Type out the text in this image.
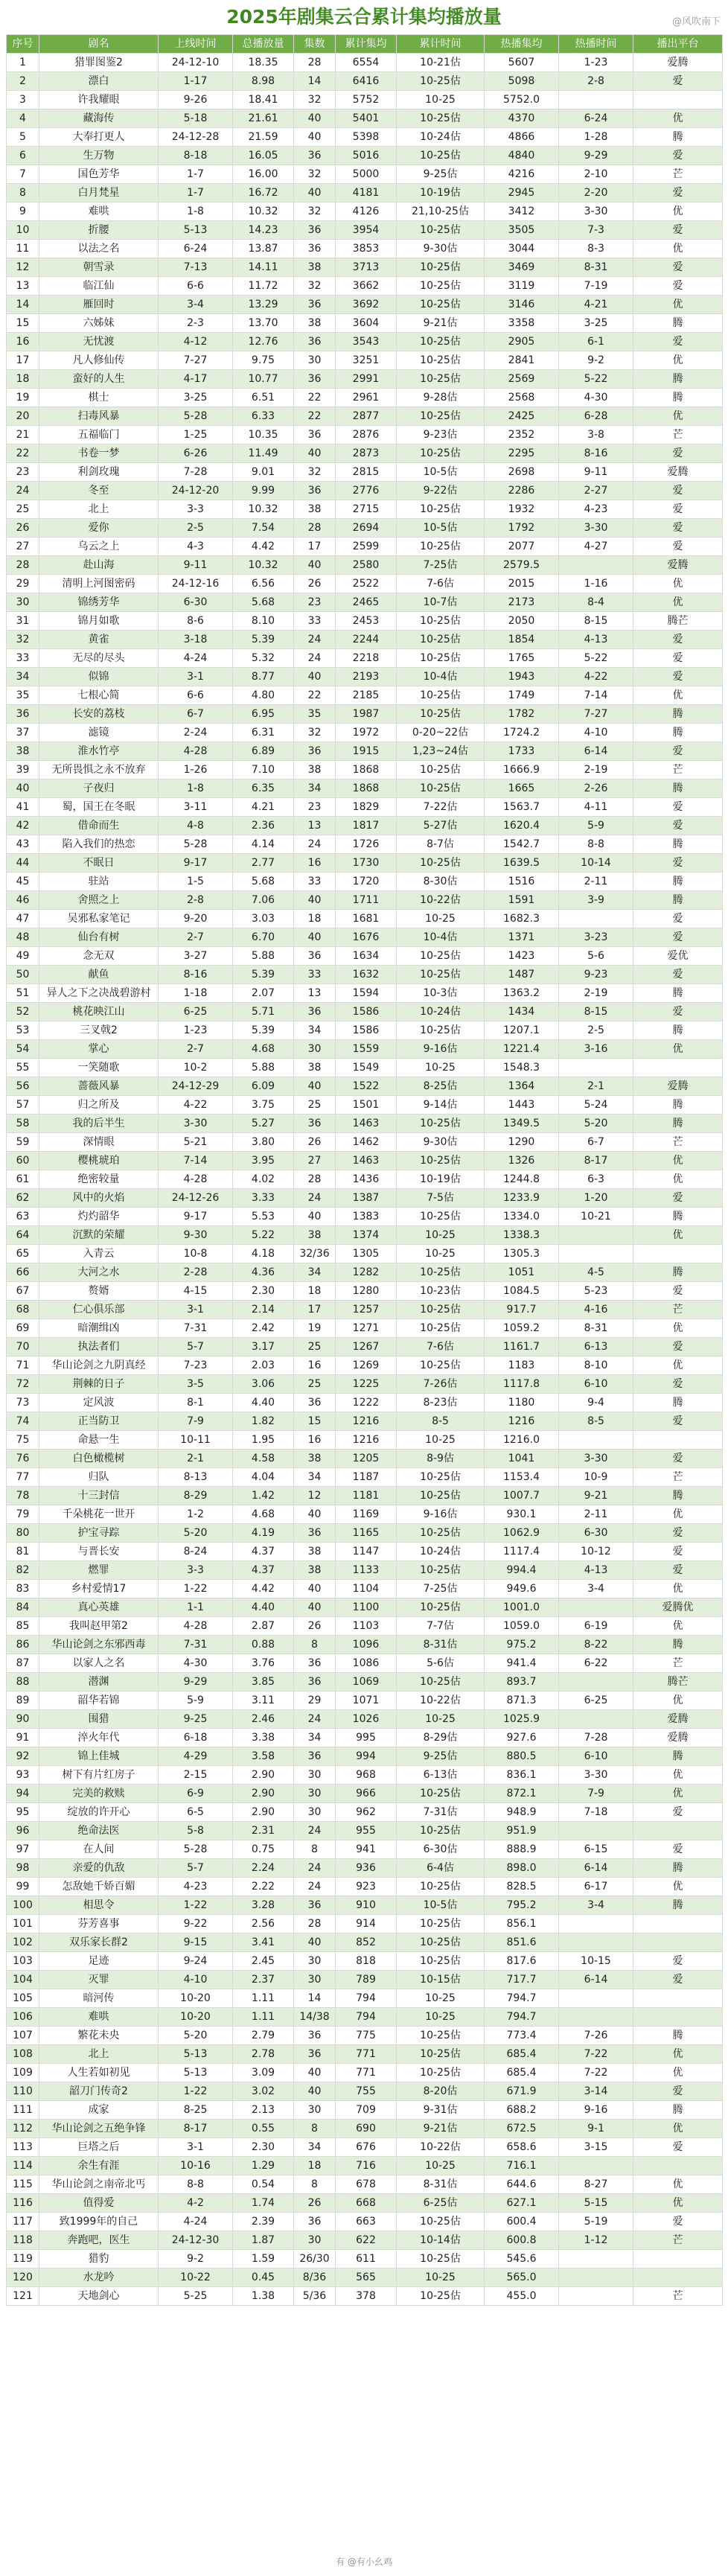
2025年剧集云合累计集均播放量	@风吹南下
序号	剧名	上线时间	总播放量	集数	累计集均	累计时间	热播集均	热播时间	播出平台
1	猎罪图鉴2	24-12-10	18.35	28	6554	10-21估	5607	1-23	爱腾
2	漂白	1-17	8.98	14	6416	10-25估	5098	2-8	爱
3	许我耀眼	9-26	18.41	32	5752	10-25	5752.0		
4	藏海传	5-18	21.61	40	5401	10-25估	4370	6-24	优
5	大奉打更人	24-12-28	21.59	40	5398	10-24估	4866	1-28	腾
6	生万物	8-18	16.05	36	5016	10-25估	4840	9-29	爱
7	国色芳华	1-7	16.00	32	5000	9-25估	4216	2-10	芒
8	白月梵星	1-7	16.72	40	4181	10-19估	2945	2-20	爱
9	难哄	1-8	10.32	32	4126	21,10-25估	3412	3-30	优
10	折腰	5-13	14.23	36	3954	10-25估	3505	7-3	爱
11	以法之名	6-24	13.87	36	3853	9-30估	3044	8-3	优
12	朝雪录	7-13	14.11	38	3713	10-25估	3469	8-31	爱
13	临江仙	6-6	11.72	32	3662	10-25估	3119	7-19	爱
14	雁回时	3-4	13.29	36	3692	10-25估	3146	4-21	优
15	六姊妹	2-3	13.70	38	3604	9-21估	3358	3-25	腾
16	无忧渡	4-12	12.76	36	3543	10-25估	2905	6-1	爱
17	凡人修仙传	7-27	9.75	30	3251	10-25估	2841	9-2	优
18	蛮好的人生	4-17	10.77	36	2991	10-25估	2569	5-22	腾
19	棋士	3-25	6.51	22	2961	9-28估	2568	4-30	腾
20	扫毒风暴	5-28	6.33	22	2877	10-25估	2425	6-28	优
21	五福临门	1-25	10.35	36	2876	9-23估	2352	3-8	芒
22	书卷一梦	6-26	11.49	40	2873	10-25估	2295	8-16	爱
23	利剑玫瑰	7-28	9.01	32	2815	10-5估	2698	9-11	爱腾
24	冬至	24-12-20	9.99	36	2776	9-22估	2286	2-27	爱
25	北上	3-3	10.32	38	2715	10-25估	1932	4-23	爱
26	爱你	2-5	7.54	28	2694	10-5估	1792	3-30	爱
27	乌云之上	4-3	4.42	17	2599	10-25估	2077	4-27	爱
28	赴山海	9-11	10.32	40	2580	7-25估	2579.5		爱腾
29	清明上河图密码	24-12-16	6.56	26	2522	7-6估	2015	1-16	优
30	锦绣芳华	6-30	5.68	23	2465	10-7估	2173	8-4	优
31	锦月如歌	8-6	8.10	33	2453	10-25估	2050	8-15	腾芒
32	黄雀	3-18	5.39	24	2244	10-25估	1854	4-13	爱
33	无尽的尽头	4-24	5.32	24	2218	10-25估	1765	5-22	爱
34	似锦	3-1	8.77	40	2193	10-4估	1943	4-22	爱
35	七根心简	6-6	4.80	22	2185	10-25估	1749	7-14	优
36	长安的荔枝	6-7	6.95	35	1987	10-25估	1782	7-27	腾
37	滤镜	2-24	6.31	32	1972	0-20~22估	1724.2	4-10	腾
38	淮水竹亭	4-28	6.89	36	1915	1,23~24估	1733	6-14	爱
39	无所畏惧之永不放弃	1-26	7.10	38	1868	10-25估	1666.9	2-19	芒
40	子夜归	1-8	6.35	34	1868	10-25估	1665	2-26	腾
41	蜀，国王在冬眠	3-11	4.21	23	1829	7-22估	1563.7	4-11	爱
42	借命而生	4-8	2.36	13	1817	5-27估	1620.4	5-9	爱
43	陷入我们的热恋	5-28	4.14	24	1726	8-7估	1542.7	8-8	腾
44	不眠日	9-17	2.77	16	1730	10-25估	1639.5	10-14	爱
45	驻站	1-5	5.68	33	1720	8-30估	1516	2-11	腾
46	舍照之上	2-8	7.06	40	1711	10-22估	1591	3-9	腾
47	吴邪私家笔记	9-20	3.03	18	1681	10-25	1682.3		爱
48	仙台有树	2-7	6.70	40	1676	10-4估	1371	3-23	爱
49	念无双	3-27	5.88	36	1634	10-25估	1423	5-6	爱优
50	献鱼	8-16	5.39	33	1632	10-25估	1487	9-23	爱
51	异人之下之决战碧游村	1-18	2.07	13	1594	10-3估	1363.2	2-19	腾
52	桃花映江山	6-25	5.71	36	1586	10-24估	1434	8-15	爱
53	三叉戟2	1-23	5.39	34	1586	10-25估	1207.1	2-5	腾
54	掌心	2-7	4.68	30	1559	9-16估	1221.4	3-16	优
55	一笑随歌	10-2	5.88	38	1549	10-25	1548.3		
56	蔷薇风暴	24-12-29	6.09	40	1522	8-25估	1364	2-1	爱腾
57	归之所及	4-22	3.75	25	1501	9-14估	1443	5-24	腾
58	我的后半生	3-30	5.27	36	1463	10-25估	1349.5	5-20	腾
59	深情眼	5-21	3.80	26	1462	9-30估	1290	6-7	芒
60	樱桃琥珀	7-14	3.95	27	1463	10-25估	1326	8-17	优
61	绝密较量	4-28	4.02	28	1436	10-19估	1244.8	6-3	优
62	风中的火焰	24-12-26	3.33	24	1387	7-5估	1233.9	1-20	爱
63	灼灼韶华	9-17	5.53	40	1383	10-25估	1334.0	10-21	腾
64	沉默的荣耀	9-30	5.22	38	1374	10-25	1338.3		优
65	入青云	10-8	4.18	32/36	1305	10-25	1305.3		
66	大河之水	2-28	4.36	34	1282	10-25估	1051	4-5	腾
67	赘婿	4-15	2.30	18	1280	10-23估	1084.5	5-23	爱
68	仁心俱乐部	3-1	2.14	17	1257	10-25估	917.7	4-16	芒
69	暗潮缉凶	7-31	2.42	19	1271	10-25估	1059.2	8-31	优
70	执法者们	5-7	3.17	25	1267	7-6估	1161.7	6-13	爱
71	华山论剑之九阴真经	7-23	2.03	16	1269	10-25估	1183	8-10	优
72	荆棘的日子	3-5	3.06	25	1225	7-26估	1117.8	6-10	爱
73	定风波	8-1	4.40	36	1222	8-23估	1180	9-4	腾
74	正当防卫	7-9	1.82	15	1216	8-5	1216	8-5	爱
75	命悬一生	10-11	1.95	16	1216	10-25	1216.0		
76	白色橄榄树	2-1	4.58	38	1205	8-9估	1041	3-30	爱
77	归队	8-13	4.04	34	1187	10-25估	1153.4	10-9	芒
78	十三封信	8-29	1.42	12	1181	10-25估	1007.7	9-21	腾
79	千朵桃花一世开	1-2	4.68	40	1169	9-16估	930.1	2-11	优
80	护宝寻踪	5-20	4.19	36	1165	10-25估	1062.9	6-30	爱
81	与晋长安	8-24	4.37	38	1147	10-24估	1117.4	10-12	爱
82	燃罪	3-3	4.37	38	1133	10-25估	994.4	4-13	爱
83	乡村爱情17	1-22	4.42	40	1104	7-25估	949.6	3-4	优
84	真心英雄	1-1	4.40	40	1100	10-25估	1001.0		爱腾优
85	我叫赵甲第2	4-28	2.87	26	1103	7-7估	1059.0	6-19	优
86	华山论剑之东邪西毒	7-31	0.88	8	1096	8-31估	975.2	8-22	腾
87	以家人之名	4-30	3.76	36	1086	5-6估	941.4	6-22	芒
88	潜渊	9-29	3.85	36	1069	10-25估	893.7		腾芒
89	韶华若锦	5-9	3.11	29	1071	10-22估	871.3	6-25	优
90	围猎	9-25	2.46	24	1026	10-25	1025.9		爱腾
91	淬火年代	6-18	3.38	34	995	8-29估	927.6	7-28	爱腾
92	锦上佳城	4-29	3.58	36	994	9-25估	880.5	6-10	腾
93	树下有片红房子	2-15	2.90	30	968	6-13估	836.1	3-30	优
94	完美的救赎	6-9	2.90	30	966	10-25估	872.1	7-9	优
95	绽放的许开心	6-5	2.90	30	962	7-31估	948.9	7-18	爱
96	绝命法医	5-8	2.31	24	955	10-25估	951.9		
97	在人间	5-28	0.75	8	941	6-30估	888.9	6-15	爱
98	亲爱的仇敌	5-7	2.24	24	936	6-4估	898.0	6-14	腾
99	怎敌她千娇百媚	4-23	2.22	24	923	10-25估	828.5	6-17	优
100	相思令	1-22	3.28	36	910	10-5估	795.2	3-4	腾
101	芬芳喜事	9-22	2.56	28	914	10-25估	856.1		
102	双乐家长群2	9-15	3.41	40	852	10-25估	851.6		
103	足迹	9-24	2.45	30	818	10-25估	817.6	10-15	爱
104	灭罪	4-10	2.37	30	789	10-15估	717.7	6-14	爱
105	暗河传	10-20	1.11	14	794	10-25	794.7		
106	难哄	10-20	1.11	14/38	794	10-25	794.7		
107	繁花未央	5-20	2.79	36	775	10-25估	773.4	7-26	腾
108	北上	5-13	2.78	36	771	10-25估	685.4	7-22	优
109	人生若如初见	5-13	3.09	40	771	10-25估	685.4	7-22	优
110	韶刀门传奇2	1-22	3.02	40	755	8-20估	671.9	3-14	爱
111	成家	8-25	2.13	30	709	9-31估	688.2	9-16	腾
112	华山论剑之五绝争锋	8-17	0.55	8	690	9-21估	672.5	9-1	优
113	巨塔之后	3-1	2.30	34	676	10-22估	658.6	3-15	爱
114	余生有涯	10-16	1.29	18	716	10-25	716.1		
115	华山论剑之南帝北丐	8-8	0.54	8	678	8-31估	644.6	8-27	优
116	值得爱	4-2	1.74	26	668	6-25估	627.1	5-15	优
117	致1999年的自己	4-24	2.39	36	663	10-25估	600.4	5-19	爱
118	奔跑吧，医生	24-12-30	1.87	30	622	10-14估	600.8	1-12	芒
119	猎豹	9-2	1.59	26/30	611	10-25估	545.6		
120	水龙吟	10-22	0.45	8/36	565	10-25	565.0		
121	天地剑心	5-25	1.38	5/36	378	10-25估	455.0		芒
有 @有小幺鸡
